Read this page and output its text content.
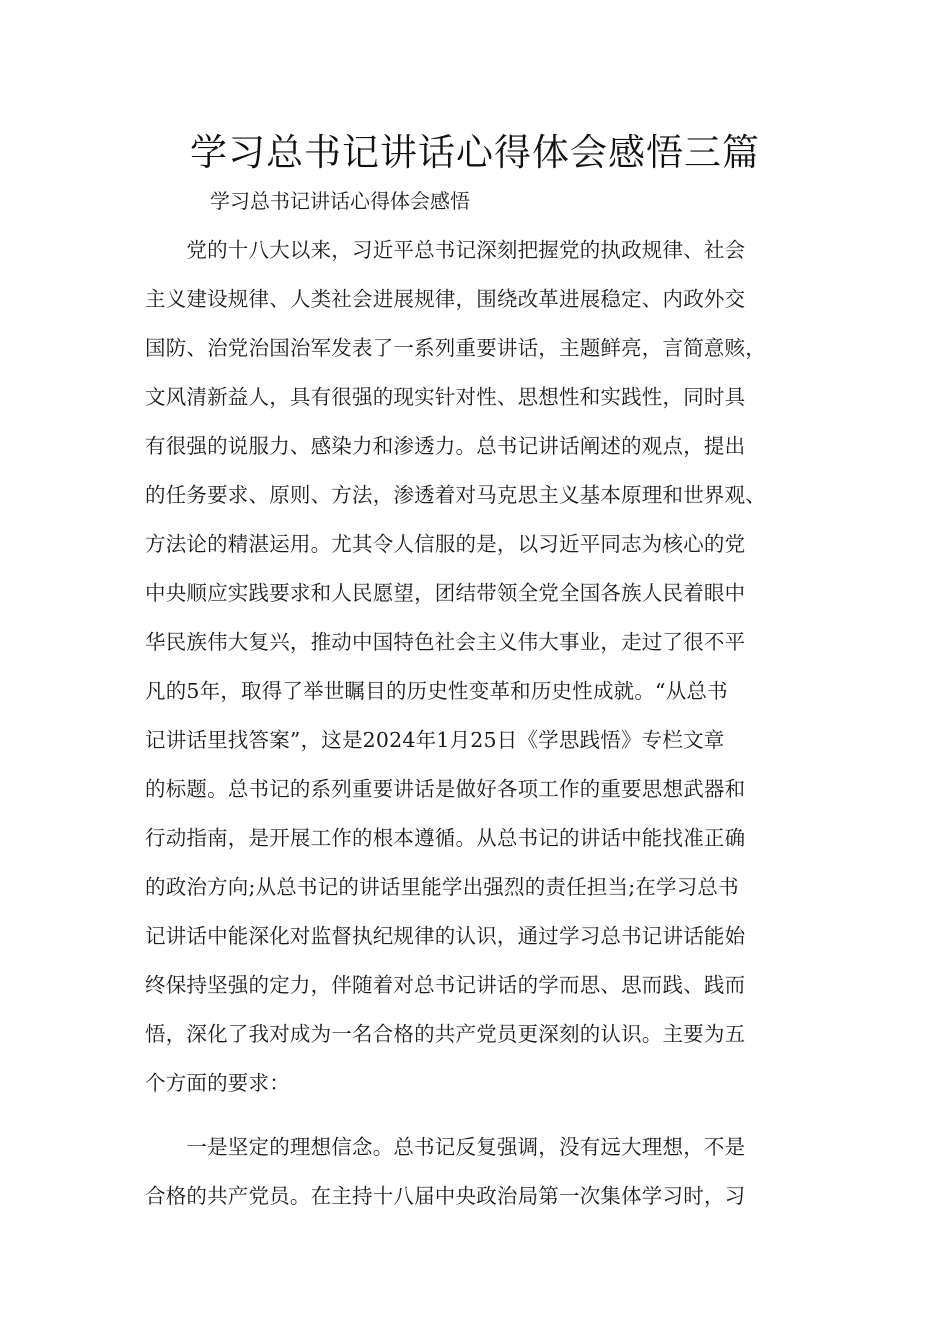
学习总书记讲话心得体会感悟三篇
学习总书记讲话心得体会感悟
　　党的十八大以来，习近平总书记深刻把握党的执政规律、社会
主义建设规律、人类社会进展规律，围绕改革进展稳定、内政外交
国防、治党治国治军发表了一系列重要讲话，主题鲜亮，言简意赅，
文风清新益人，具有很强的现实针对性、思想性和实践性，同时具
有很强的说服力、感染力和渗透力。总书记讲话阐述的观点，提出
的任务要求、原则、方法，渗透着对马克思主义基本原理和世界观、
方法论的精湛运用。尤其令人信服的是，以习近平同志为核心的党
中央顺应实践要求和人民愿望，团结带领全党全国各族人民着眼中
华民族伟大复兴，推动中国特色社会主义伟大事业，走过了很不平
凡的5年，取得了举世瞩目的历史性变革和历史性成就。“从总书
记讲话里找答案”，这是2024年1月25日《学思践悟》专栏文章
的标题。总书记的系列重要讲话是做好各项工作的重要思想武器和
行动指南，是开展工作的根本遵循。从总书记的讲话中能找准正确
的政治方向;从总书记的讲话里能学出强烈的责任担当;在学习总书
记讲话中能深化对监督执纪规律的认识，通过学习总书记讲话能始
终保持坚强的定力，伴随着对总书记讲话的学而思、思而践、践而
悟，深化了我对成为一名合格的共产党员更深刻的认识。主要为五
个方面的要求：
　　一是坚定的理想信念。总书记反复强调，没有远大理想，不是
合格的共产党员。在主持十八届中央政治局第一次集体学习时，习
